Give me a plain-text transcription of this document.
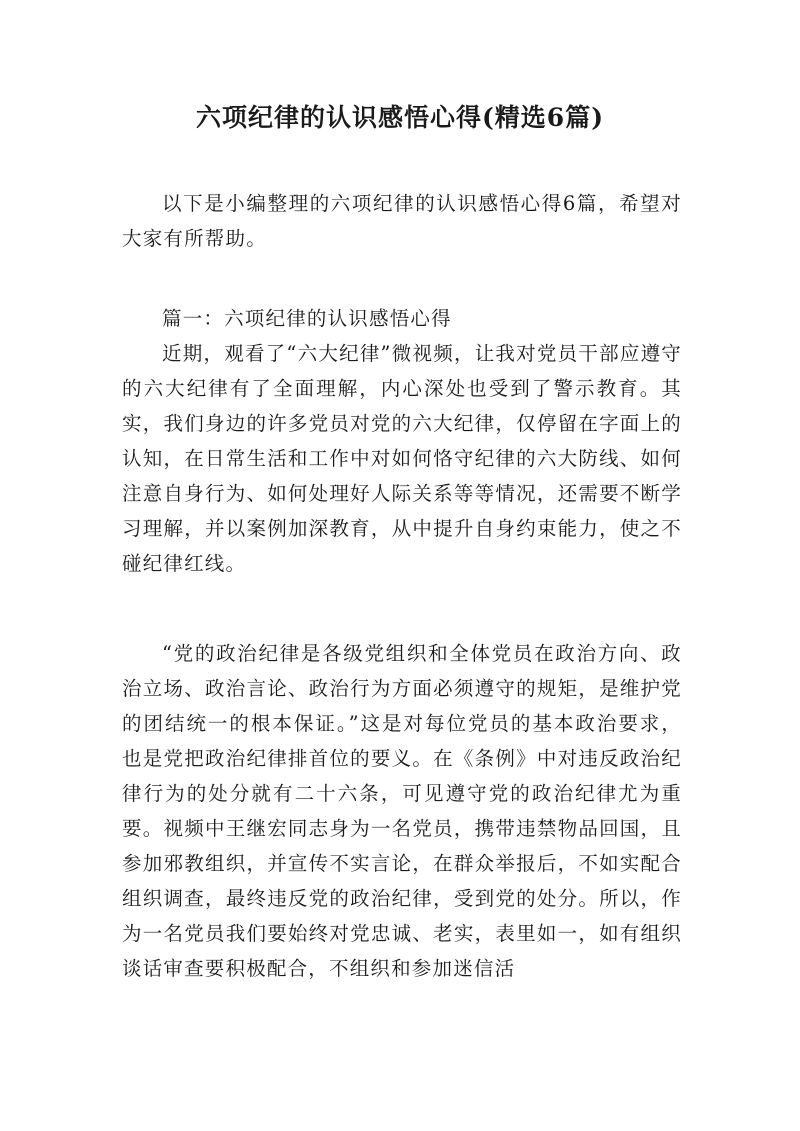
六项纪律的认识感悟心得(精选6篇)

以下是小编整理的六项纪律的认识感悟心得6篇，希望对大家有所帮助。

篇一：六项纪律的认识感悟心得

近期，观看了“六大纪律”微视频，让我对党员干部应遵守的六大纪律有了全面理解，内心深处也受到了警示教育。其实，我们身边的许多党员对党的六大纪律，仅停留在字面上的认知，在日常生活和工作中对如何恪守纪律的六大防线、如何注意自身行为、如何处理好人际关系等等情况，还需要不断学习理解，并以案例加深教育，从中提升自身约束能力，使之不碰纪律红线。

“党的政治纪律是各级党组织和全体党员在政治方向、政治立场、政治言论、政治行为方面必须遵守的规矩，是维护党的团结统一的根本保证。”这是对每位党员的基本政治要求，也是党把政治纪律排首位的要义。在《条例》中对违反政治纪律行为的处分就有二十六条，可见遵守党的政治纪律尤为重要。视频中王继宏同志身为一名党员，携带违禁物品回国，且参加邪教组织，并宣传不实言论，在群众举报后，不如实配合组织调查，最终违反党的政治纪律，受到党的处分。所以，作为一名党员我们要始终对党忠诚、老实，表里如一，如有组织谈话审查要积极配合，不组织和参加迷信活
